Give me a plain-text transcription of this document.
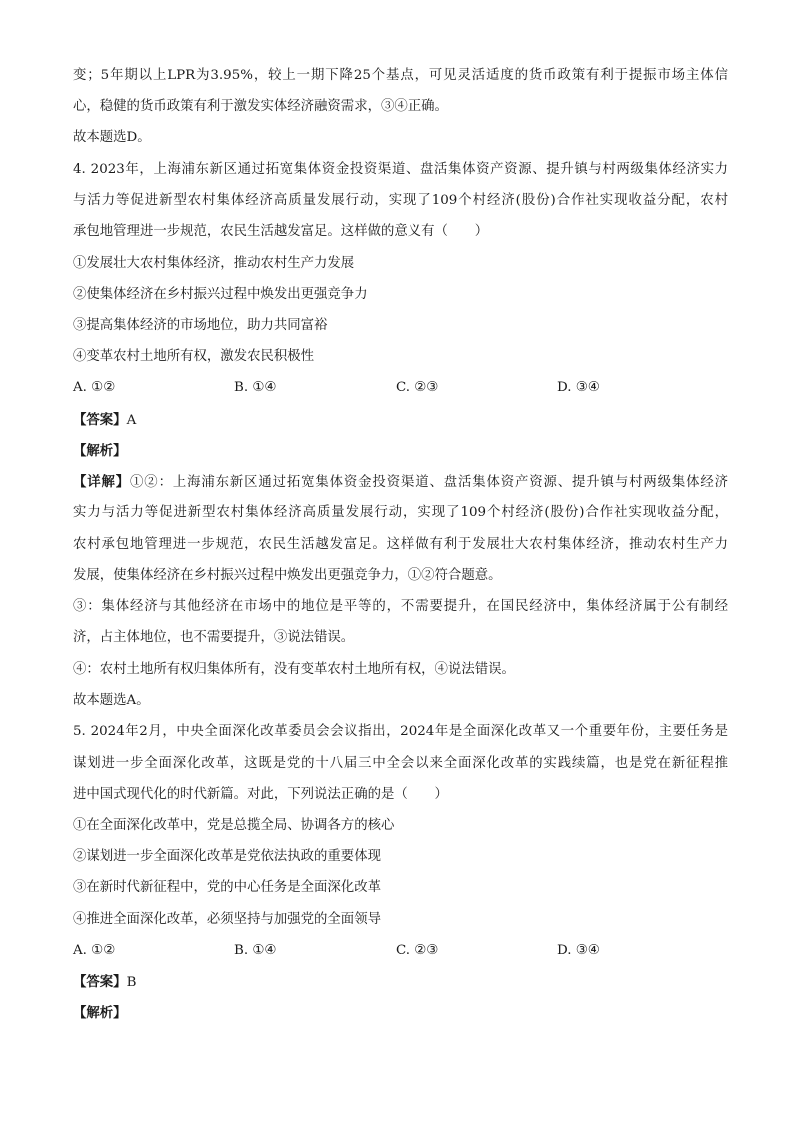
变；5年期以上LPR为3.95%，较上一期下降25个基点，可见灵活适度的货币政策有利于提振市场主体信
心，稳健的货币政策有利于激发实体经济融资需求，③④正确。
故本题选D。
4. 2023年，上海浦东新区通过拓宽集体资金投资渠道、盘活集体资产资源、提升镇与村两级集体经济实力
与活力等促进新型农村集体经济高质量发展行动，实现了109个村经济(股份)合作社实现收益分配，农村
承包地管理进一步规范，农民生活越发富足。这样做的意义有（　　）
①发展壮大农村集体经济，推动农村生产力发展
②使集体经济在乡村振兴过程中焕发出更强竞争力
③提高集体经济的市场地位，助力共同富裕
④变革农村土地所有权，激发农民积极性
A. ①②	B. ①④	C. ②③	D. ③④
【答案】A
【解析】
【详解】①②：上海浦东新区通过拓宽集体资金投资渠道、盘活集体资产资源、提升镇与村两级集体经济
实力与活力等促进新型农村集体经济高质量发展行动，实现了109个村经济(股份)合作社实现收益分配，
农村承包地管理进一步规范，农民生活越发富足。这样做有利于发展壮大农村集体经济，推动农村生产力
发展，使集体经济在乡村振兴过程中焕发出更强竞争力，①②符合题意。
③：集体经济与其他经济在市场中的地位是平等的，不需要提升，在国民经济中，集体经济属于公有制经
济，占主体地位，也不需要提升，③说法错误。
④：农村土地所有权归集体所有，没有变革农村土地所有权，④说法错误。
故本题选A。
5. 2024年2月，中央全面深化改革委员会会议指出，2024年是全面深化改革又一个重要年份，主要任务是
谋划进一步全面深化改革，这既是党的十八届三中全会以来全面深化改革的实践续篇，也是党在新征程推
进中国式现代化的时代新篇。对此，下列说法正确的是（　　）
①在全面深化改革中，党是总揽全局、协调各方的核心
②谋划进一步全面深化改革是党依法执政的重要体现
③在新时代新征程中，党的中心任务是全面深化改革
④推进全面深化改革，必须坚持与加强党的全面领导
A. ①②	B. ①④	C. ②③	D. ③④
【答案】B
【解析】
